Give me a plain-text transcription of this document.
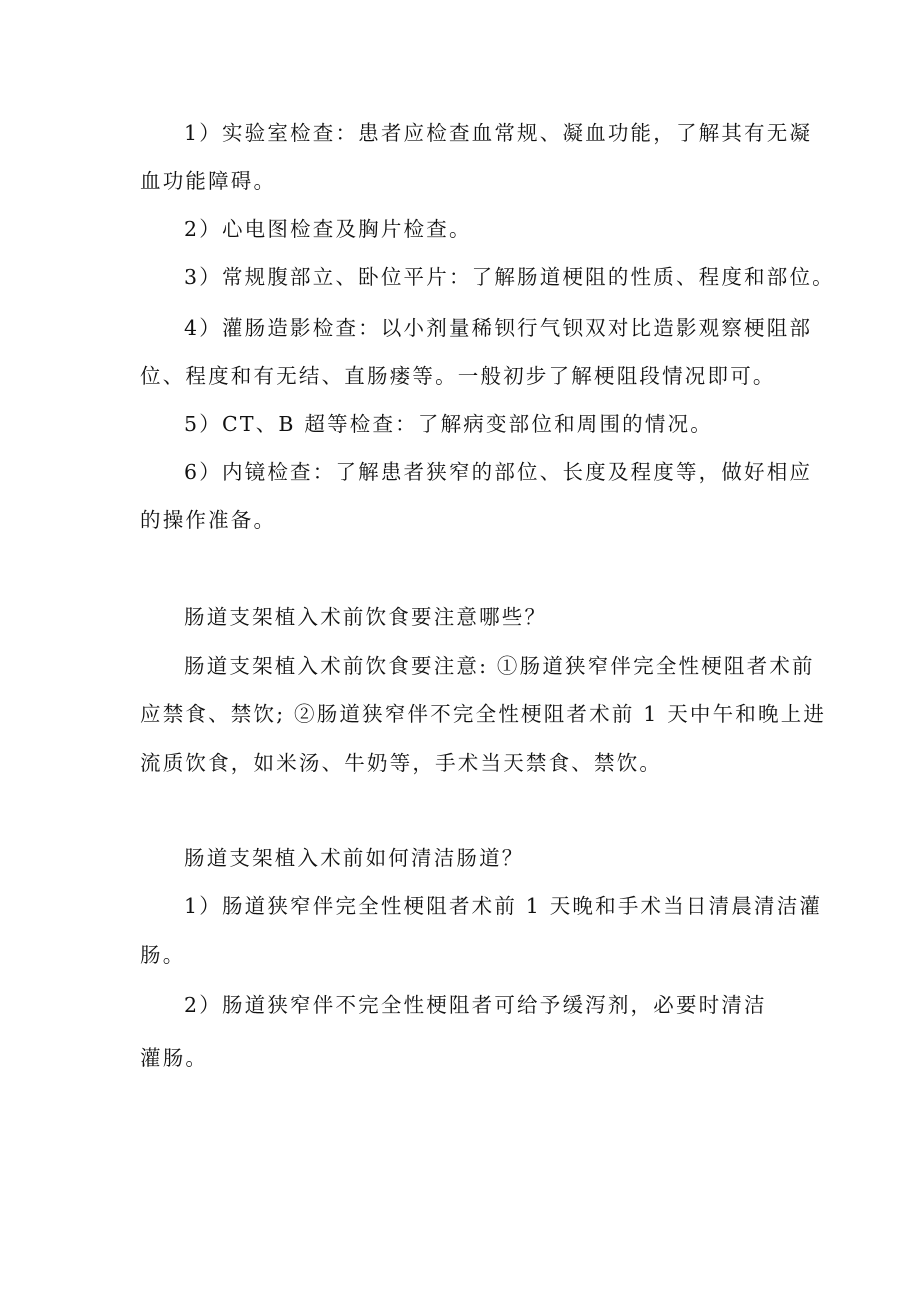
1）实验室检查：患者应检查血常规、凝血功能，了解其有无凝

血功能障碍。

2）心电图检查及胸片检查。

3）常规腹部立、卧位平片：了解肠道梗阻的性质、程度和部位。

4）灌肠造影检查：以小剂量稀钡行气钡双对比造影观察梗阻部

位、程度和有无结、直肠瘘等。一般初步了解梗阻段情况即可。

5）CT、B 超等检查：了解病变部位和周围的情况。

6）内镜检查：了解患者狭窄的部位、长度及程度等，做好相应

的操作准备。

肠道支架植入术前饮食要注意哪些？

肠道支架植入术前饮食要注意: ①肠道狭窄伴完全性梗阻者术前

应禁食、禁饮; ②肠道狭窄伴不完全性梗阻者术前 1 天中午和晚上进

流质饮食，如米汤、牛奶等，手术当天禁食、禁饮。

肠道支架植入术前如何清洁肠道？

1）肠道狭窄伴完全性梗阻者术前 1 天晚和手术当日清晨清洁灌

肠。

2）肠道狭窄伴不完全性梗阻者可给予缓泻剂，必要时清洁

灌肠。
